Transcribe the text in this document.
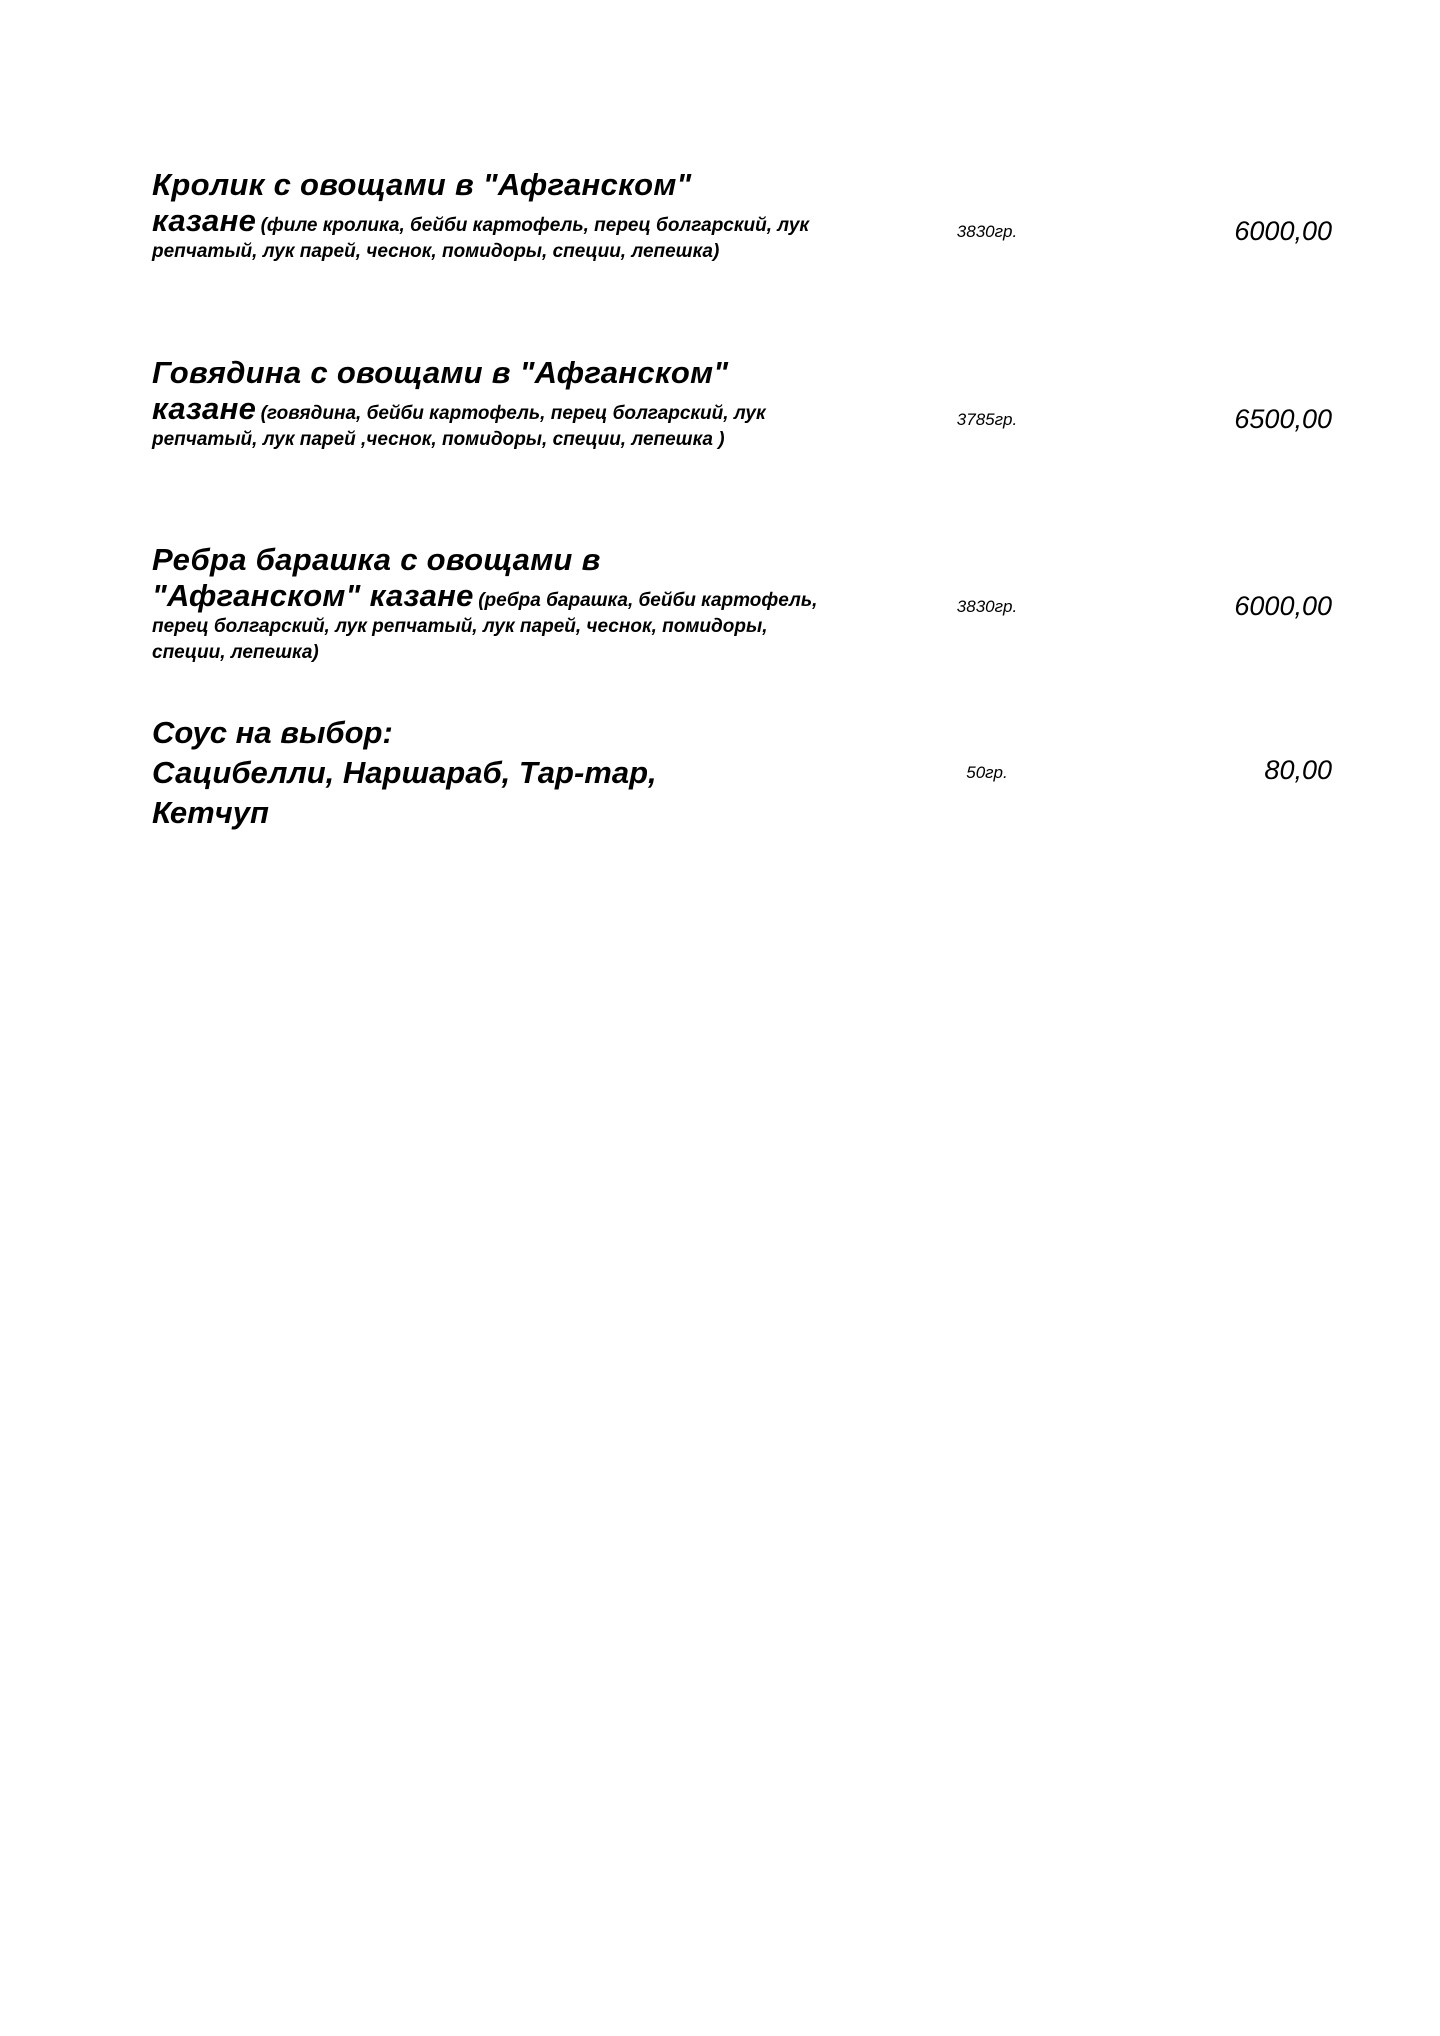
Кролик с овощами в "Афганском"
казане (филе кролика, бейби картофель, перец болгарский, лук репчатый, лук парей, чеснок, помидоры, специи, лепешка)
3830гр.	6000,00
Говядина с овощами в "Афганском"
казане (говядина, бейби картофель, перец болгарский, лук репчатый, лук парей ,чеснок, помидоры, специи, лепешка )
3785гр.	6500,00
Ребра барашка с овощами в
"Афганском" казане (ребра барашка, бейби картофель, перец болгарский, лук репчатый, лук парей, чеснок, помидоры, специи, лепешка)
3830гр.	6000,00
Соус на выбор:
Сацибелли, Наршараб, Тар-тар,
Кетчуп
50гр.	80,00
